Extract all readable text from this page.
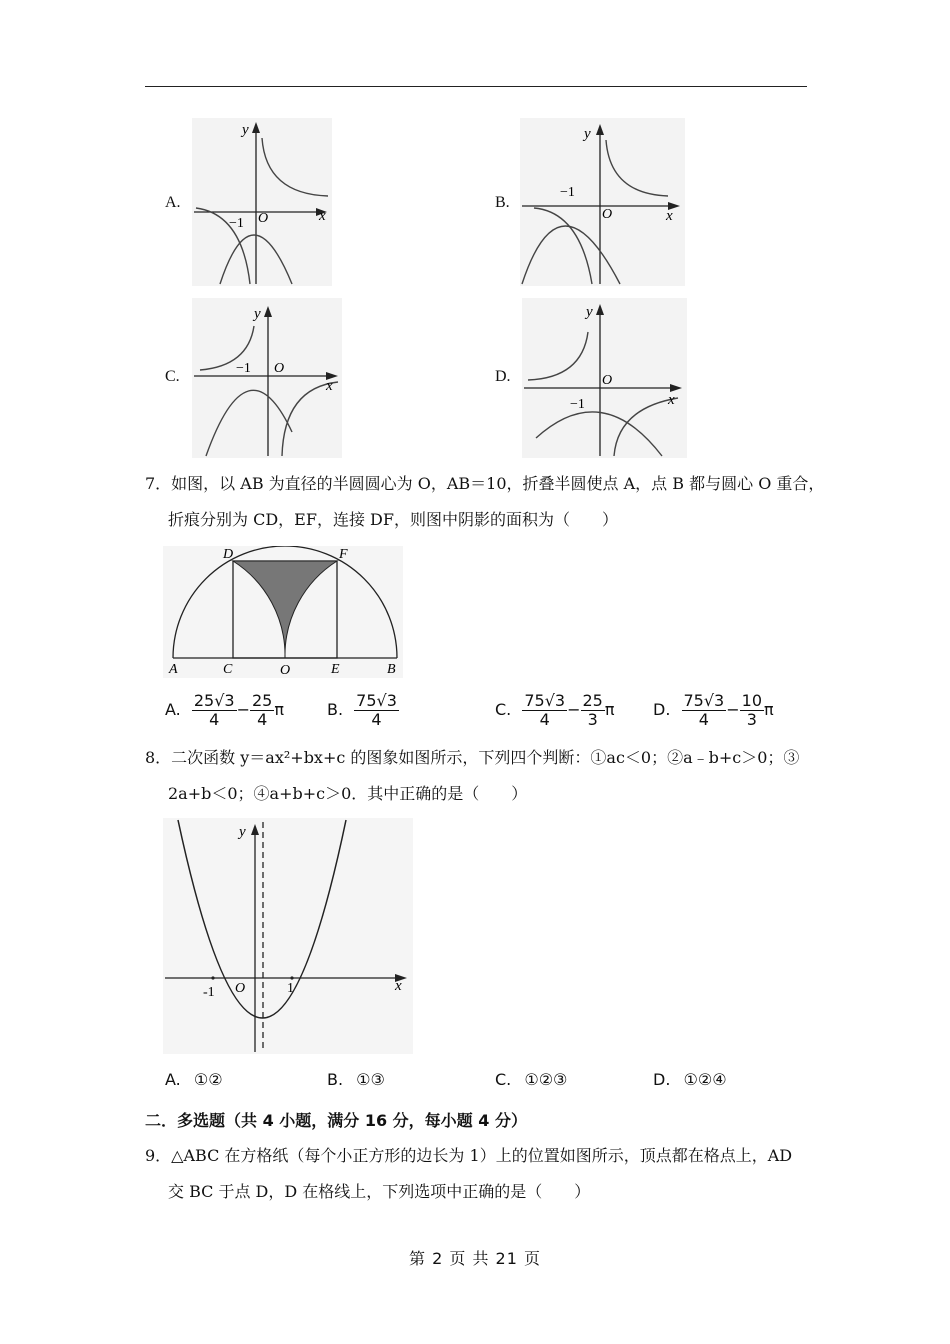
A.
y
x
O
−1
B.
y
x
O
−1
C.
y
x
O
−1	D.
y
x
O
−1
7．如图，以 AB 为直径的半圆圆心为 O，AB＝10，折叠半圆使点 A，点 B 都与圆心 O 重合，
折痕分别为 CD，EF，连接 DF，则图中阴影的面积为（　　）
A	C	O	E	B
D	F
A. $\frac{25√3}{4} - \frac{25}{4}$ π	B. $\frac{75√3}{4}$	C. $\frac{75√3}{4} - \frac{25}{3}$ π D. $\frac{75√3}{4} - \frac{10}{3}$ π
8．二次函数 y＝ax²+bx+c 的图象如图所示，下列四个判断：①ac＜0；②a﹣b+c＞0；③
2a+b＜0；④a+b+c＞0．其中正确的是（　　）
y
x
O
-1	1
A. ①②	B. ①③	C. ①②③	D. ①②④
二．多选题（共 4 小题，满分 16 分，每小题 4 分）
9．△ABC 在方格纸（每个小正方形的边长为 1）上的位置如图所示，顶点都在格点上，AD
交 BC 于点 D，D 在格线上，下列选项中正确的是（　　）
第 2 页 共 21 页
